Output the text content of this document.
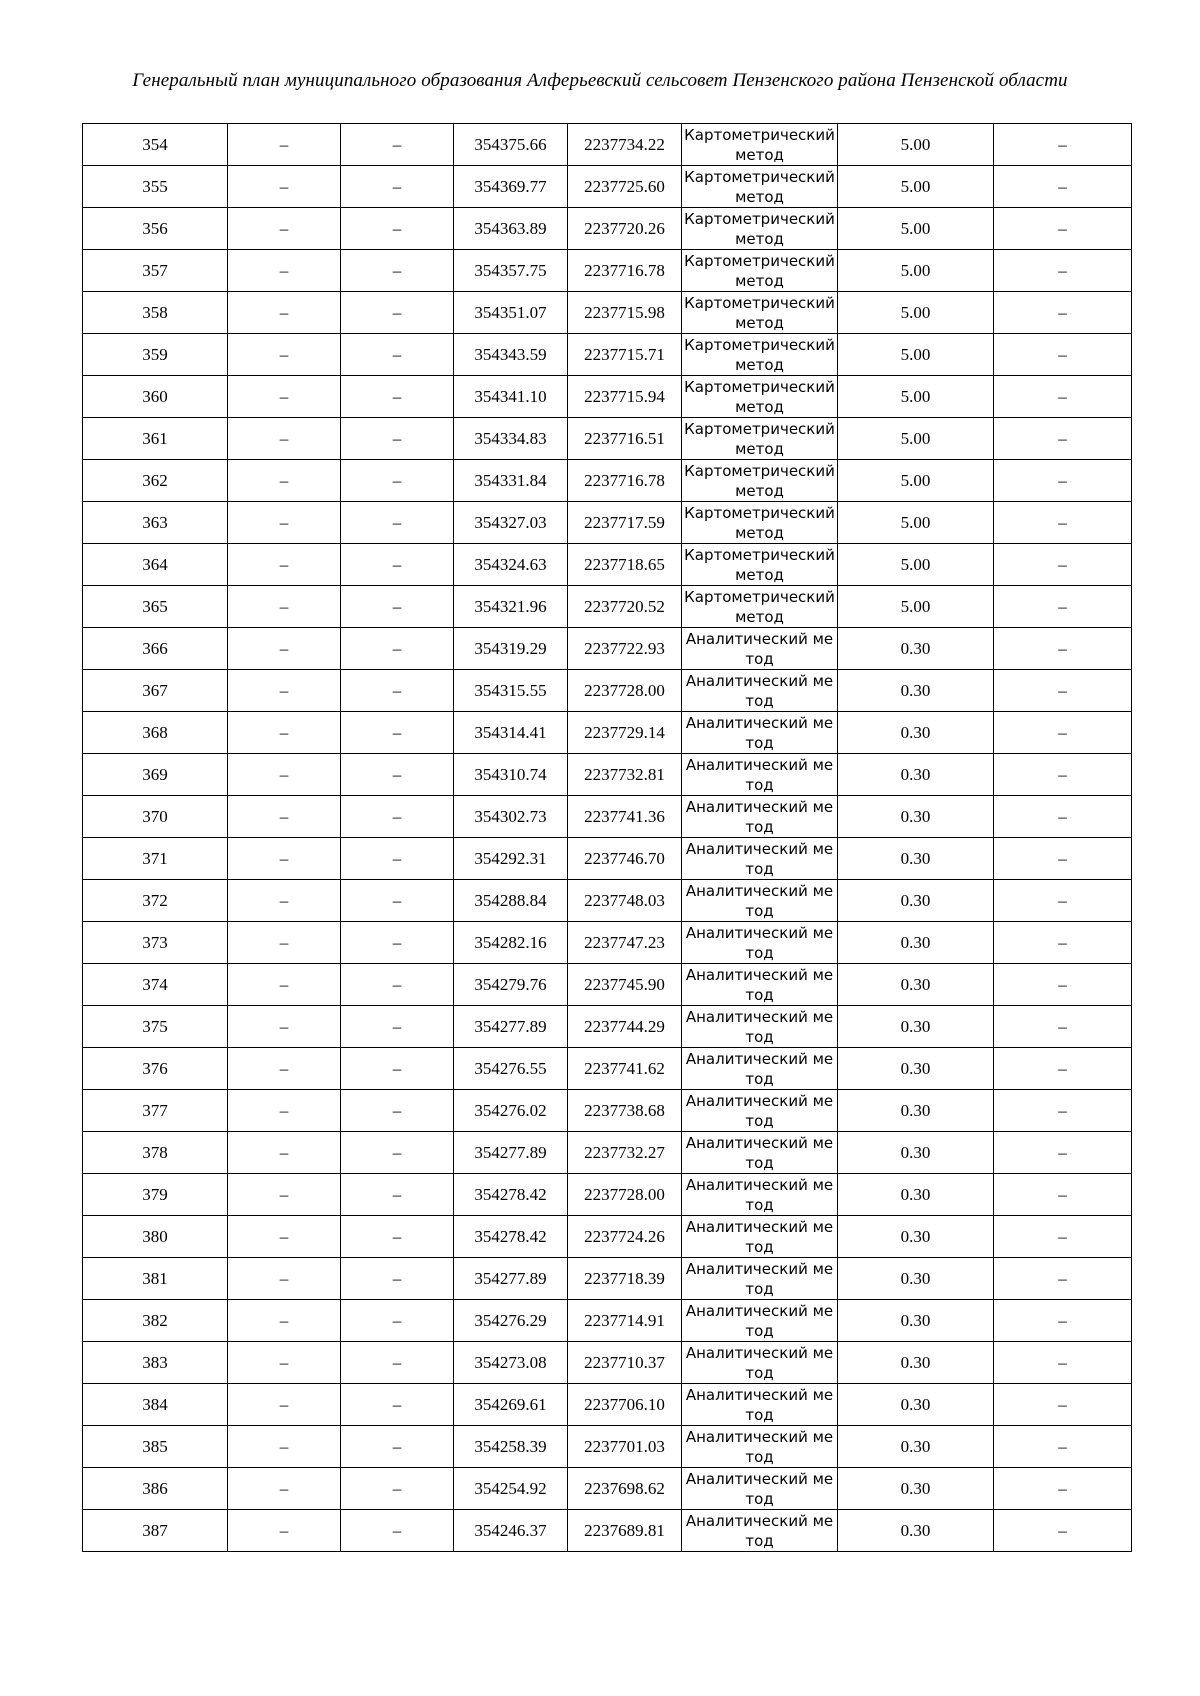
Генеральный план муниципального образования Алферьевский сельсовет Пензенского района Пензенской области
354	–	–	354375.66	2237734.22	Картометрический метод	5.00	–
355	–	–	354369.77	2237725.60	Картометрический метод	5.00	–
356	–	–	354363.89	2237720.26	Картометрический метод	5.00	–
357	–	–	354357.75	2237716.78	Картометрический метод	5.00	–
358	–	–	354351.07	2237715.98	Картометрический метод	5.00	–
359	–	–	354343.59	2237715.71	Картометрический метод	5.00	–
360	–	–	354341.10	2237715.94	Картометрический метод	5.00	–
361	–	–	354334.83	2237716.51	Картометрический метод	5.00	–
362	–	–	354331.84	2237716.78	Картометрический метод	5.00	–
363	–	–	354327.03	2237717.59	Картометрический метод	5.00	–
364	–	–	354324.63	2237718.65	Картометрический метод	5.00	–
365	–	–	354321.96	2237720.52	Картометрический метод	5.00	–
366	–	–	354319.29	2237722.93	Аналитический метод	0.30	–
367	–	–	354315.55	2237728.00	Аналитический метод	0.30	–
368	–	–	354314.41	2237729.14	Аналитический метод	0.30	–
369	–	–	354310.74	2237732.81	Аналитический метод	0.30	–
370	–	–	354302.73	2237741.36	Аналитический метод	0.30	–
371	–	–	354292.31	2237746.70	Аналитический метод	0.30	–
372	–	–	354288.84	2237748.03	Аналитический метод	0.30	–
373	–	–	354282.16	2237747.23	Аналитический метод	0.30	–
374	–	–	354279.76	2237745.90	Аналитический метод	0.30	–
375	–	–	354277.89	2237744.29	Аналитический метод	0.30	–
376	–	–	354276.55	2237741.62	Аналитический метод	0.30	–
377	–	–	354276.02	2237738.68	Аналитический метод	0.30	–
378	–	–	354277.89	2237732.27	Аналитический метод	0.30	–
379	–	–	354278.42	2237728.00	Аналитический метод	0.30	–
380	–	–	354278.42	2237724.26	Аналитический метод	0.30	–
381	–	–	354277.89	2237718.39	Аналитический метод	0.30	–
382	–	–	354276.29	2237714.91	Аналитический метод	0.30	–
383	–	–	354273.08	2237710.37	Аналитический метод	0.30	–
384	–	–	354269.61	2237706.10	Аналитический метод	0.30	–
385	–	–	354258.39	2237701.03	Аналитический метод	0.30	–
386	–	–	354254.92	2237698.62	Аналитический метод	0.30	–
387	–	–	354246.37	2237689.81	Аналитический метод	0.30	–
